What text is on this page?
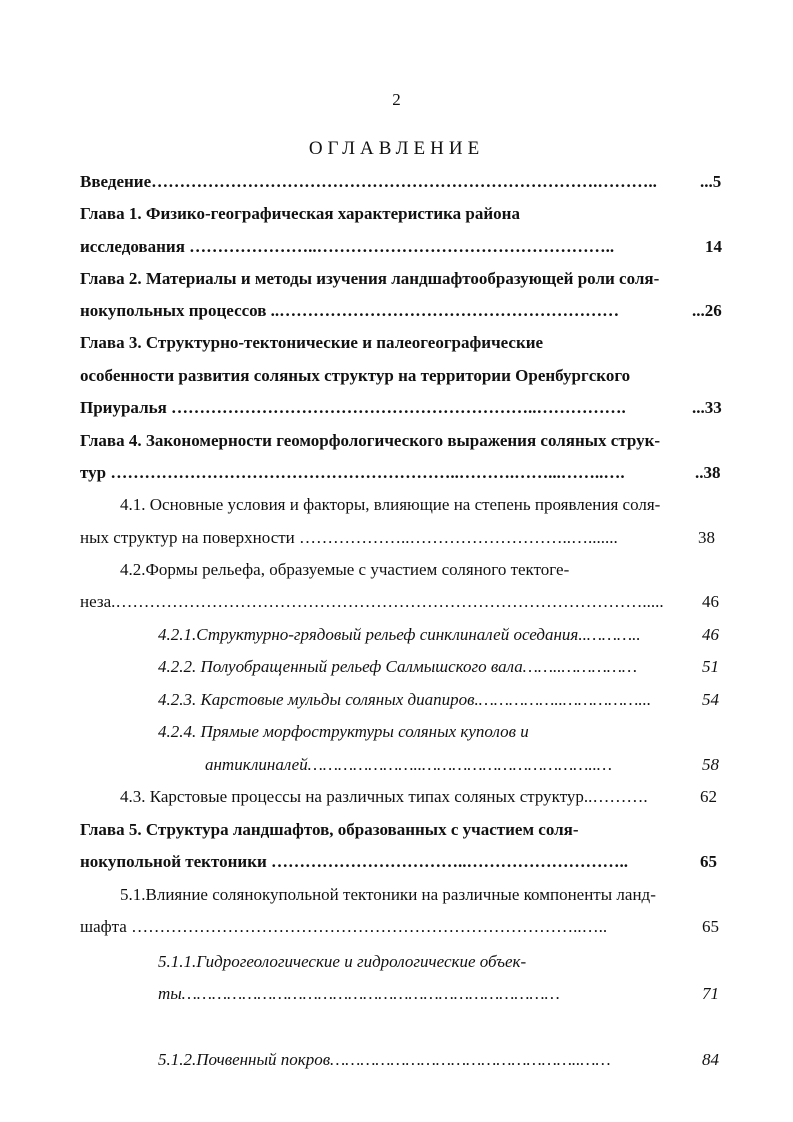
2
ОГЛАВЛЕНИЕ
Введение…………………………………………………………………….………..	...5
Глава 1. Физико-географическая характеристика района
исследования …………………..……………………………………………..	14
Глава 2. Материалы и методы изучения ландшафтообразующей роли соля-
нокупольных процессов ..……………………………………………………	...26
Глава 3. Структурно-тектонические и палеогеографические
особенности развития соляных структур на территории Оренбургского
Приуралья ………………………………………………………..…………….	...33
Глава 4. Закономерности геоморфологического выражения соляных струк-
тур ……………………………………………………..……….……...……..….	..38
4.1. Основные условия и факторы, влияющие на степень проявления соля-
ных структур на поверхности ………………..………………………..….......	38
4.2.Формы рельефа, образуемые с участием соляного тектоге-
неза.…………………………………………………………………………………..... 46
4.2.1.Структурно-грядовый рельеф синклиналей оседания..………..	46
4.2.2. Полуобращенный рельеф Салмышского вала……..……………	51
4.2.3. Карстовые мульды соляных диапиров.……………..……………...	54
4.2.4. Прямые морфоструктуры соляных куполов и
антиклиналей…………………..……………………………..…	58
4.3. Карстовые процессы на различных типах соляных структур..……….	62
Глава 5. Структура ландшафтов, образованных с участием соля-
нокупольной тектоники ……………………………..………………………..	65
5.1.Влияние солянокупольной тектоники на различные компоненты ланд-
шафта ……………………………………………………………………..…..	65
5.1.1.Гидрогеологические и гидрологические объек-
ты…………………………………………………………………	71
5.1.2.Почвенный покров…………………………………………..……	84
